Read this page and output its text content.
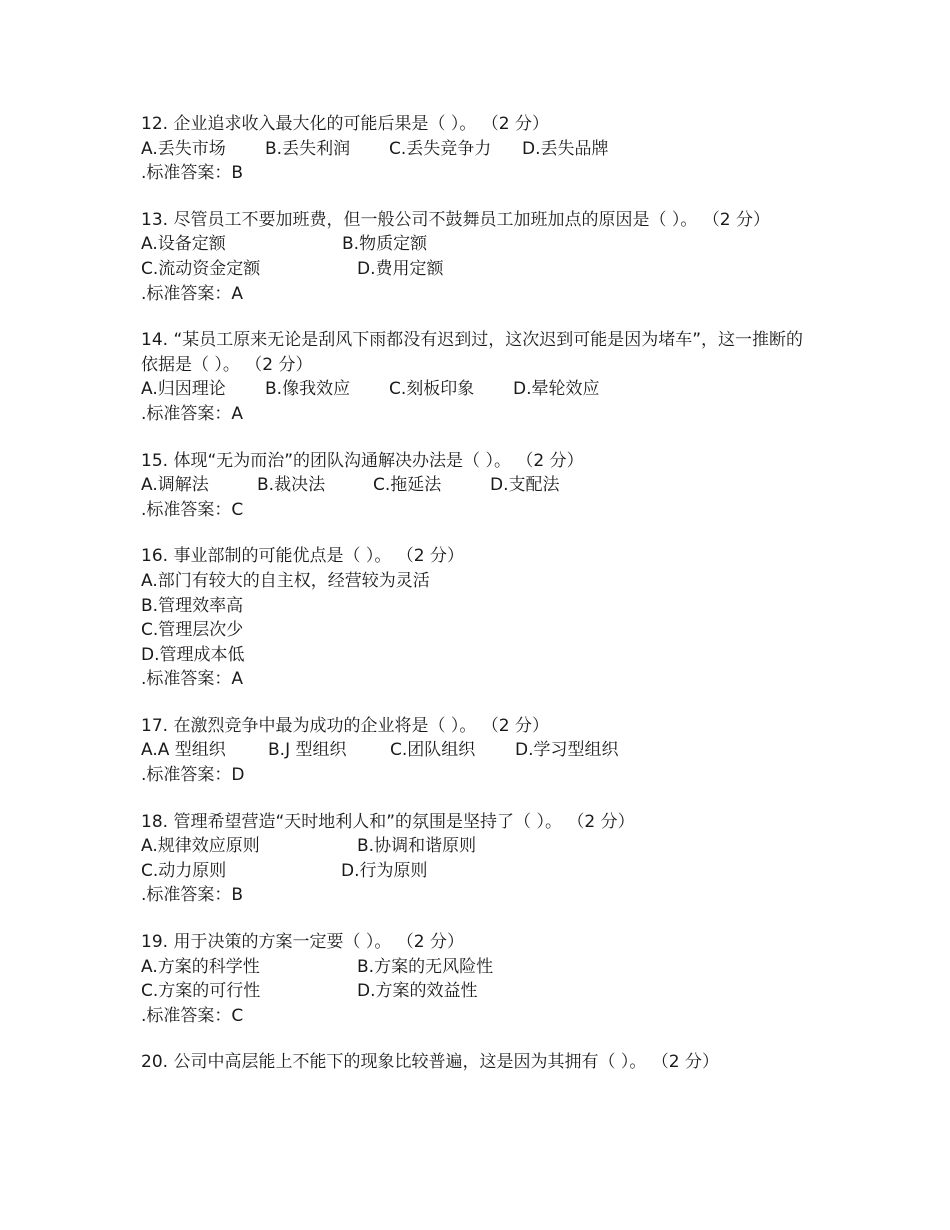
12. 企业追求收入最大化的可能后果是（ ）。 （2 分）
A.丢失市场 B.丢失利润 C.丢失竞争力 D.丢失品牌
.标准答案：B
13. 尽管员工不要加班费，但一般公司不鼓舞员工加班加点的原因是（ ）。 （2 分）
A.设备定额	B.物质定额
C.流动资金定额	D.费用定额
.标准答案：A
14. “某员工原来无论是刮风下雨都没有迟到过，这次迟到可能是因为堵车”，这一推断的依据是（ ）。 （2 分）
A.归因理论 B.像我效应 C.刻板印象 D.晕轮效应
.标准答案：A
15. 体现“无为而治”的团队沟通解决办法是（ ）。 （2 分）
A.调解法	B.裁决法	C.拖延法	D.支配法
.标准答案：C
16. 事业部制的可能优点是（ ）。 （2 分）
A.部门有较大的自主权，经营较为灵活
B.管理效率高
C.管理层次少
D.管理成本低
.标准答案：A
17. 在激烈竞争中最为成功的企业将是（ ）。 （2 分）
A.A 型组织 B.J 型组织	C.团队组织 D.学习型组织
.标准答案：D
18. 管理希望营造“天时地利人和”的氛围是坚持了（ ）。 （2 分）
A.规律效应原则	B.协调和谐原则
C.动力原则	D.行为原则
.标准答案：B
19. 用于决策的方案一定要（ ）。 （2 分）
A.方案的科学性	B.方案的无风险性
C.方案的可行性	D.方案的效益性
.标准答案：C
20. 公司中高层能上不能下的现象比较普遍，这是因为其拥有（ ）。 （2 分）
